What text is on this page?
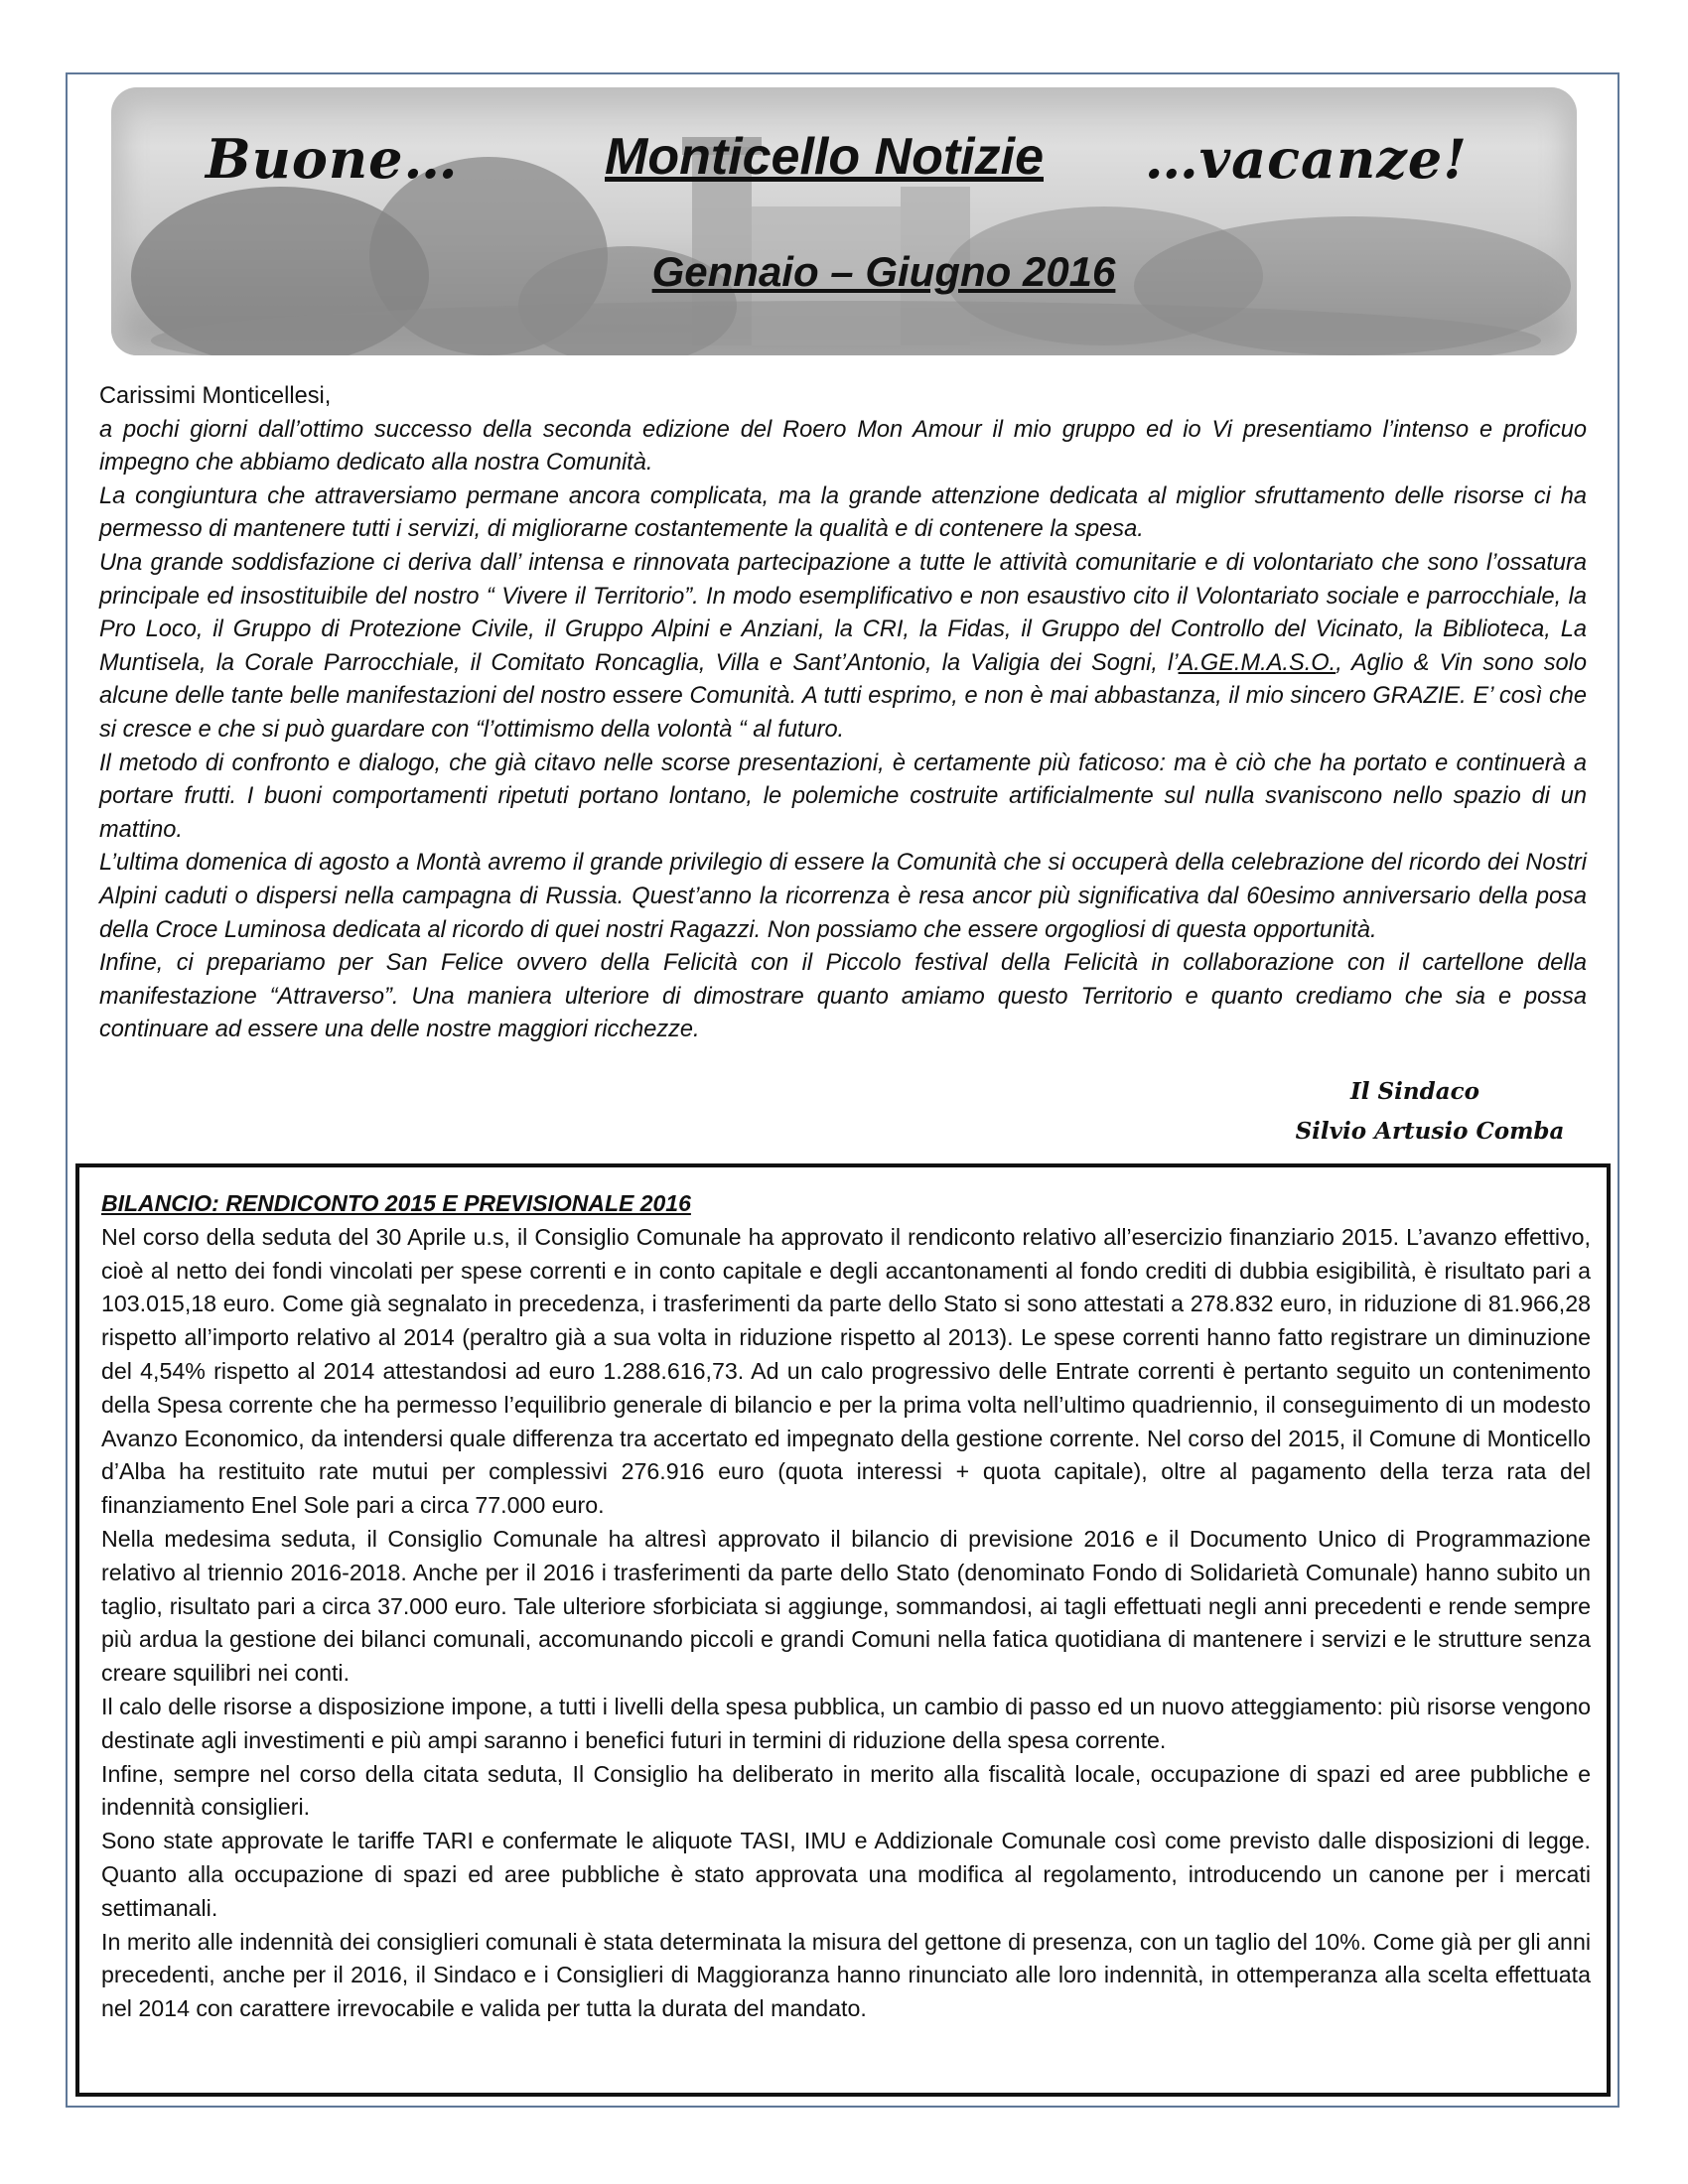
Buone…	Monticello Notizie	…vacanze!
Gennaio – Giugno 2016

Carissimi Monticellesi,

a pochi giorni dall’ottimo successo della seconda edizione del Roero Mon Amour il mio gruppo ed io Vi presentiamo l’intenso e proficuo impegno che abbiamo dedicato alla nostra Comunità.

La congiuntura che attraversiamo permane ancora complicata, ma la grande attenzione dedicata al miglior sfruttamento delle risorse ci ha permesso di mantenere tutti i servizi, di migliorarne costantemente la qualità e di contenere la spesa.

Una grande soddisfazione ci deriva dall’ intensa e rinnovata partecipazione a tutte le attività comunitarie e di volontariato che sono l’ossatura principale ed insostituibile del nostro “ Vivere il Territorio”. In modo esemplificativo e non esaustivo cito il Volontariato sociale e parrocchiale, la Pro Loco, il Gruppo di Protezione Civile, il Gruppo Alpini e Anziani, la CRI, la Fidas, il Gruppo del Controllo del Vicinato, la Biblioteca, La Muntisela, la Corale Parrocchiale, il Comitato Roncaglia, Villa e Sant’Antonio, la Valigia dei Sogni, l’A.GE.M.A.S.O., Aglio & Vin sono solo alcune delle tante belle manifestazioni del nostro essere Comunità. A tutti esprimo, e non è mai abbastanza, il mio sincero GRAZIE. E’ così che si cresce e che si può guardare con “l’ottimismo della volontà “ al futuro.

Il metodo di confronto e dialogo, che già citavo nelle scorse presentazioni, è certamente più faticoso: ma è ciò che ha portato e continuerà a portare frutti. I buoni comportamenti ripetuti portano lontano, le polemiche costruite artificialmente sul nulla svaniscono nello spazio di un mattino.

L’ultima domenica di agosto a Montà avremo il grande privilegio di essere la Comunità che si occuperà della celebrazione del ricordo dei Nostri Alpini caduti o dispersi nella campagna di Russia. Quest’anno la ricorrenza è resa ancor più significativa dal 60esimo anniversario della posa della Croce Luminosa dedicata al ricordo di quei nostri Ragazzi. Non possiamo che essere orgogliosi di questa opportunità.

Infine, ci prepariamo per San Felice ovvero della Felicità con il Piccolo festival della Felicità in collaborazione con il cartellone della manifestazione “Attraverso”. Una maniera ulteriore di dimostrare quanto amiamo questo Territorio e quanto crediamo che sia e possa continuare ad essere una delle nostre maggiori ricchezze.

Il Sindaco
Silvio Artusio Comba

BILANCIO: RENDICONTO 2015 E PREVISIONALE 2016

Nel corso della seduta del 30 Aprile u.s, il Consiglio Comunale ha approvato il rendiconto relativo all’esercizio finanziario 2015. L’avanzo effettivo, cioè al netto dei fondi vincolati per spese correnti e in conto capitale e degli accantonamenti al fondo crediti di dubbia esigibilità, è risultato pari a 103.015,18 euro. Come già segnalato in precedenza, i trasferimenti da parte dello Stato si sono attestati a 278.832 euro, in riduzione di 81.966,28 rispetto all’importo relativo al 2014 (peraltro già a sua volta in riduzione rispetto al 2013). Le spese correnti hanno fatto registrare un diminuzione del 4,54% rispetto al 2014 attestandosi ad euro 1.288.616,73. Ad un calo progressivo delle Entrate correnti è pertanto seguito un contenimento della Spesa corrente che ha permesso l’equilibrio generale di bilancio e per la prima volta nell’ultimo quadriennio, il conseguimento di un modesto Avanzo Economico, da intendersi quale differenza tra accertato ed impegnato della gestione corrente. Nel corso del 2015, il Comune di Monticello d’Alba ha restituito rate mutui per complessivi 276.916 euro (quota interessi + quota capitale), oltre al pagamento della terza rata del finanziamento Enel Sole pari a circa 77.000 euro.

Nella medesima seduta, il Consiglio Comunale ha altresì approvato il bilancio di previsione 2016 e il Documento Unico di Programmazione relativo al triennio 2016-2018. Anche per il 2016 i trasferimenti da parte dello Stato (denominato Fondo di Solidarietà Comunale) hanno subito un taglio, risultato pari a circa 37.000 euro. Tale ulteriore sforbiciata si aggiunge, sommandosi, ai tagli effettuati negli anni precedenti e rende sempre più ardua la gestione dei bilanci comunali, accomunando piccoli e grandi Comuni nella fatica quotidiana di mantenere i servizi e le strutture senza creare squilibri nei conti.

Il calo delle risorse a disposizione impone, a tutti i livelli della spesa pubblica, un cambio di passo ed un nuovo atteggiamento: più risorse vengono destinate agli investimenti e più ampi saranno i benefici futuri in termini di riduzione della spesa corrente.

Infine, sempre nel corso della citata seduta, Il Consiglio ha deliberato in merito alla fiscalità locale, occupazione di spazi ed aree pubbliche e indennità consiglieri.

Sono state approvate le tariffe TARI e confermate le aliquote TASI, IMU e Addizionale Comunale così come previsto dalle disposizioni di legge. Quanto alla occupazione di spazi ed aree pubbliche è stato approvata una modifica al regolamento, introducendo un canone per i mercati settimanali.

In merito alle indennità dei consiglieri comunali è stata determinata la misura del gettone di presenza, con un taglio del 10%. Come già per gli anni precedenti, anche per il 2016, il Sindaco e i Consiglieri di Maggioranza hanno rinunciato alle loro indennità, in ottemperanza alla scelta effettuata nel 2014 con carattere irrevocabile e valida per tutta la durata del mandato.
